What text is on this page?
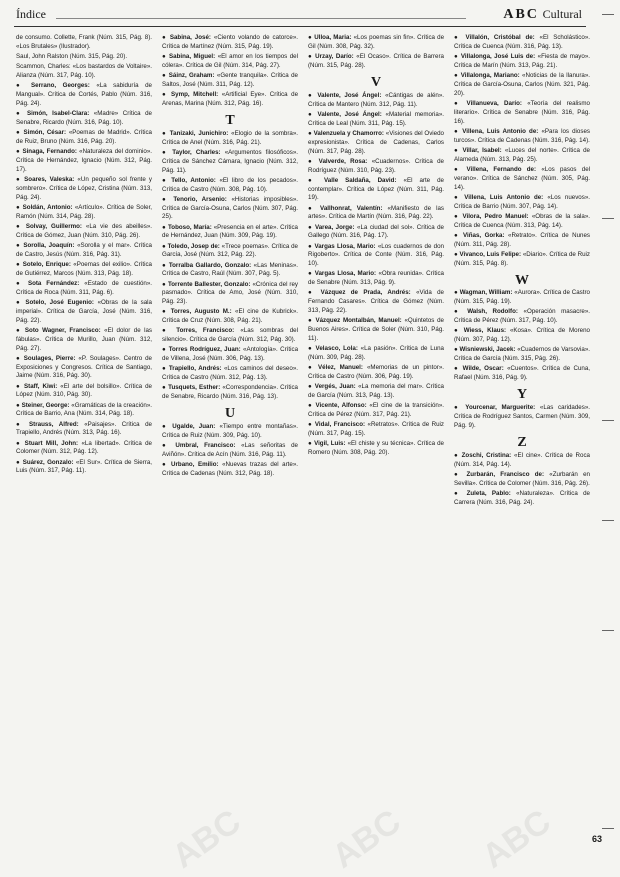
Índice	ABC Cultural

de consumo. Collette, Frank (Núm. 315, Pág. 8). «Los Brutales» (Ilustrador).

Saul, John Ralston (Núm. 315, Pág. 20).

Scammon, Charles: «Los bastardos de Voltaire». Alianza (Núm. 317, Pág. 10).

● Serrano, Georges: «La sabiduría de Mangual». Crítica de Cortés, Pablo (Núm. 316, Pág. 24).

● Simón, Isabel-Clara: «Madre» Crítica de Senabre, Ricardo (Núm. 316, Pág. 10).

● Simón, César: «Poemas de Madrid». Crítica de Ruiz, Bruno (Núm. 316, Pág. 20).

● Sinaga, Fernando: «Naturaleza del dominio». Crítica de Hernández, Ignacio (Núm. 312, Pág. 17).

● Soares, Valeska: «Un pequeño sol frente y sombrero». Crítica de López, Cristina (Núm. 313, Pág. 24).

● Soldán, Antonio: «Artículo». Crítica de Soler, Ramón (Núm. 314, Pág. 28).

● Solvay, Guillermo: «La vie des abeilles». Crítica de Gómez, Juan (Núm. 310, Pág. 26).

● Sorolla, Joaquín: «Sorolla y el mar». Crítica de Castro, Jesús (Núm. 316, Pág. 31).

● Sotelo, Enrique: «Poemas del exilio». Crítica de Gutiérrez, Marcos (Núm. 313, Pág. 18).

● Sota Fernández: «Estado de cuestión». Crítica de Roca (Núm. 311, Pág. 6).

● Sotelo, José Eugenio: «Obras de la sala imperial». Crítica de García, José (Núm. 316, Pág. 22).

● Soto Wagner, Francisco: «El dolor de las fábulas». Crítica de Murillo, Juan (Núm. 312, Pág. 27).

● Soulages, Pierre: «P. Soulages». Centro de Exposiciones y Congresos. Crítica de Santiago, Jaime (Núm. 316, Pág. 30).

● Staff, Kiwi: «El arte del bolsillo». Crítica de López (Núm. 310, Pág. 30).

● Steiner, George: «Gramáticas de la creación». Crítica de Barrio, Ana (Núm. 314, Pág. 18).

● Strauss, Alfred: «Paisajes». Crítica de Trapiello, Andrés (Núm. 313, Pág. 16).

● Stuart Mill, John: «La libertad». Crítica de Colomer (Núm. 312, Pág. 12).

● Suárez, Gonzalo: «El Sur». Crítica de Sierra, Luis (Núm. 317, Pág. 11).

● Sabina, José: «Ciento volando de catorce». Crítica de Martínez (Núm. 315, Pág. 19).

● Sabina, Miguel: «El amor en los tiempos del cólera». Crítica de Gil (Núm. 314, Pág. 27).

● Sáinz, Graham: «Gente tranquila». Crítica de Saltos, José (Núm. 311, Pág. 12).

● Symp, Mitchell: «Artificial Eye». Crítica de Arenas, Marina (Núm. 312, Pág. 16).

T

● Tanizaki, Junichiro: «Elogio de la sombra». Crítica de Anel (Núm. 316, Pág. 21).

● Taylor, Charles: «Argumentos filosóficos». Crítica de Sánchez Cámara, Ignacio (Núm. 312, Pág. 11).

● Tello, Antonio: «El libro de los pecados». Crítica de Castro (Núm. 308, Pág. 10).

● Tenorio, Arsenio: «Historias imposibles». Crítica de García-Osuna, Carlos (Núm. 307, Pág. 25).

● Toboso, María: «Presencia en el arte». Crítica de Hernández, Juan (Núm. 309, Pág. 19).

● Toledo, Josep de: «Trece poemas». Crítica de García, José (Núm. 312, Pág. 22).

● Torralba Gallardo, Gonzalo: «Las Meninas». Crítica de Castro, Raúl (Núm. 307, Pág. 5).

● Torrente Ballester, Gonzalo: «Crónica del rey pasmado». Crítica de Amo, José (Núm. 310, Pág. 23).

● Torres, Augusto M.: «El cine de Kubrick». Crítica de Cruz (Núm. 308, Pág. 21).

● Torres, Francisco: «Las sombras del silencio». Crítica de García (Núm. 312, Pág. 30).

● Torres Rodríguez, Juan: «Antología». Crítica de Villena, José (Núm. 306, Pág. 13).

● Trapiello, Andrés: «Los caminos del deseo». Crítica de Castro (Núm. 312, Pág. 13).

● Tusquets, Esther: «Correspondencia». Crítica de Senabre, Ricardo (Núm. 316, Pág. 13).

U

● Ugalde, Juan: «Tiempo entre montañas». Crítica de Ruiz (Núm. 309, Pág. 10).

● Umbral, Francisco: «Las señoritas de Aviñón». Crítica de Acín (Núm. 316, Pág. 11).

● Urbano, Emilio: «Nuevas trazas del arte». Crítica de Cadenas (Núm. 312, Pág. 18).

● Ulloa, Maria: «Los poemas sin fin». Crítica de Gil (Núm. 308, Pág. 32).

● Urzay, Darío: «El Ocaso». Crítica de Barrera (Núm. 315, Pág. 28).

V

● Valente, José Ángel: «Cántigas de alén». Crítica de Mantero (Núm. 312, Pág. 11).

● Valente, José Ángel: «Material memoria». Crítica de Leal (Núm. 311, Pág. 15).

● Valenzuela y Chamorro: «Visiones del Oviedo expresionista». Crítica de Cadenas, Carlos (Núm. 317, Pág. 28).

● Valverde, Rosa: «Cuadernos». Crítica de Rodríguez (Núm. 310, Pág. 23).

● Valle Saldaña, David: «El arte de contemplar». Crítica de López (Núm. 311, Pág. 19).

● Vallhonrat, Valentín: «Manifiesto de las artes». Crítica de Martín (Núm. 316, Pág. 22).

● Varea, Jorge: «La ciudad del sol». Crítica de Gallego (Núm. 316, Pág. 17).

● Vargas Llosa, Mario: «Los cuadernos de don Rigoberto». Crítica de Conte (Núm. 316, Pág. 10).

● Vargas Llosa, Mario: «Obra reunida». Crítica de Senabre (Núm. 313, Pág. 9).

● Vázquez de Prada, Andrés: «Vida de Fernando Casares». Crítica de Gómez (Núm. 313, Pág. 22).

● Vázquez Montalbán, Manuel: «Quintetos de Buenos Aires». Crítica de Soler (Núm. 310, Pág. 11).

● Velasco, Lola: «La pasión». Crítica de Luna (Núm. 309, Pág. 28).

● Vélez, Manuel: «Memorias de un pintor». Crítica de Castro (Núm. 306, Pág. 19).

● Vergés, Juan: «La memoria del mar». Crítica de García (Núm. 313, Pág. 13).

● Vicente, Alfonso: «El cine de la transición». Crítica de Pérez (Núm. 317, Pág. 21).

● Vidal, Francisco: «Retratos». Crítica de Ruiz (Núm. 317, Pág. 15).

● Vigil, Luis: «El chiste y su técnica». Crítica de Romero (Núm. 308, Pág. 20).

● Villalón, Cristóbal de: «El Scholástico». Crítica de Cuenca (Núm. 316, Pág. 13).

● Villalonga, José Luis de: «Fiesta de mayo». Crítica de Marín (Núm. 313, Pág. 21).

● Villalonga, Mariano: «Noticias de la llanura». Crítica de García-Osuna, Carlos (Núm. 321, Pág. 20).

● Villanueva, Darío: «Teoría del realismo literario». Crítica de Senabre (Núm. 316, Pág. 16).

● Villena, Luis Antonio de: «Para los dioses turcos». Crítica de Cadenas (Núm. 316, Pág. 14).

● Villar, Isabel: «Luces del norte». Crítica de Alameda (Núm. 313, Pág. 25).

● Villena, Fernando de: «Los pasos del verano». Crítica de Sánchez (Núm. 305, Pág. 14).

● Villena, Luis Antonio de: «Los nuevos». Crítica de Barrio (Núm. 307, Pág. 14).

● Vilora, Pedro Manuel: «Obras de la sala». Crítica de Cuenca (Núm. 313, Pág. 14).

● Viñas, Gorka: «Retrato». Crítica de Nunes (Núm. 311, Pág. 28).

● Vivanco, Luis Felipe: «Diario». Crítica de Ruiz (Núm. 315, Pág. 8).

W

● Wagman, William: «Aurora». Crítica de Castro (Núm. 315, Pág. 19).

● Walsh, Rodolfo: «Operación masacre». Crítica de Pérez (Núm. 317, Pág. 10).

● Wiess, Klaus: «Kosa». Crítica de Moreno (Núm. 307, Pág. 12).

● Wisniewski, Jacek: «Cuadernos de Varsovia». Crítica de García (Núm. 315, Pág. 26).

● Wilde, Oscar: «Cuentos». Crítica de Cuna, Rafael (Núm. 316, Pág. 9).

Y

● Yourcenar, Marguerite: «Las caridades». Crítica de Rodríguez Santos, Carmen (Núm. 309, Pág. 9).

Z

● Zoschi, Cristina: «El cine». Crítica de Roca (Núm. 314, Pág. 14).

● Zurbarán, Francisco de: «Zurbarán en Sevilla». Crítica de Colomer (Núm. 316, Pág. 26).

● Zuleta, Pablo: «Naturaleza». Crítica de Carrera (Núm. 316, Pág. 24).

ABC ABC ABC	63
